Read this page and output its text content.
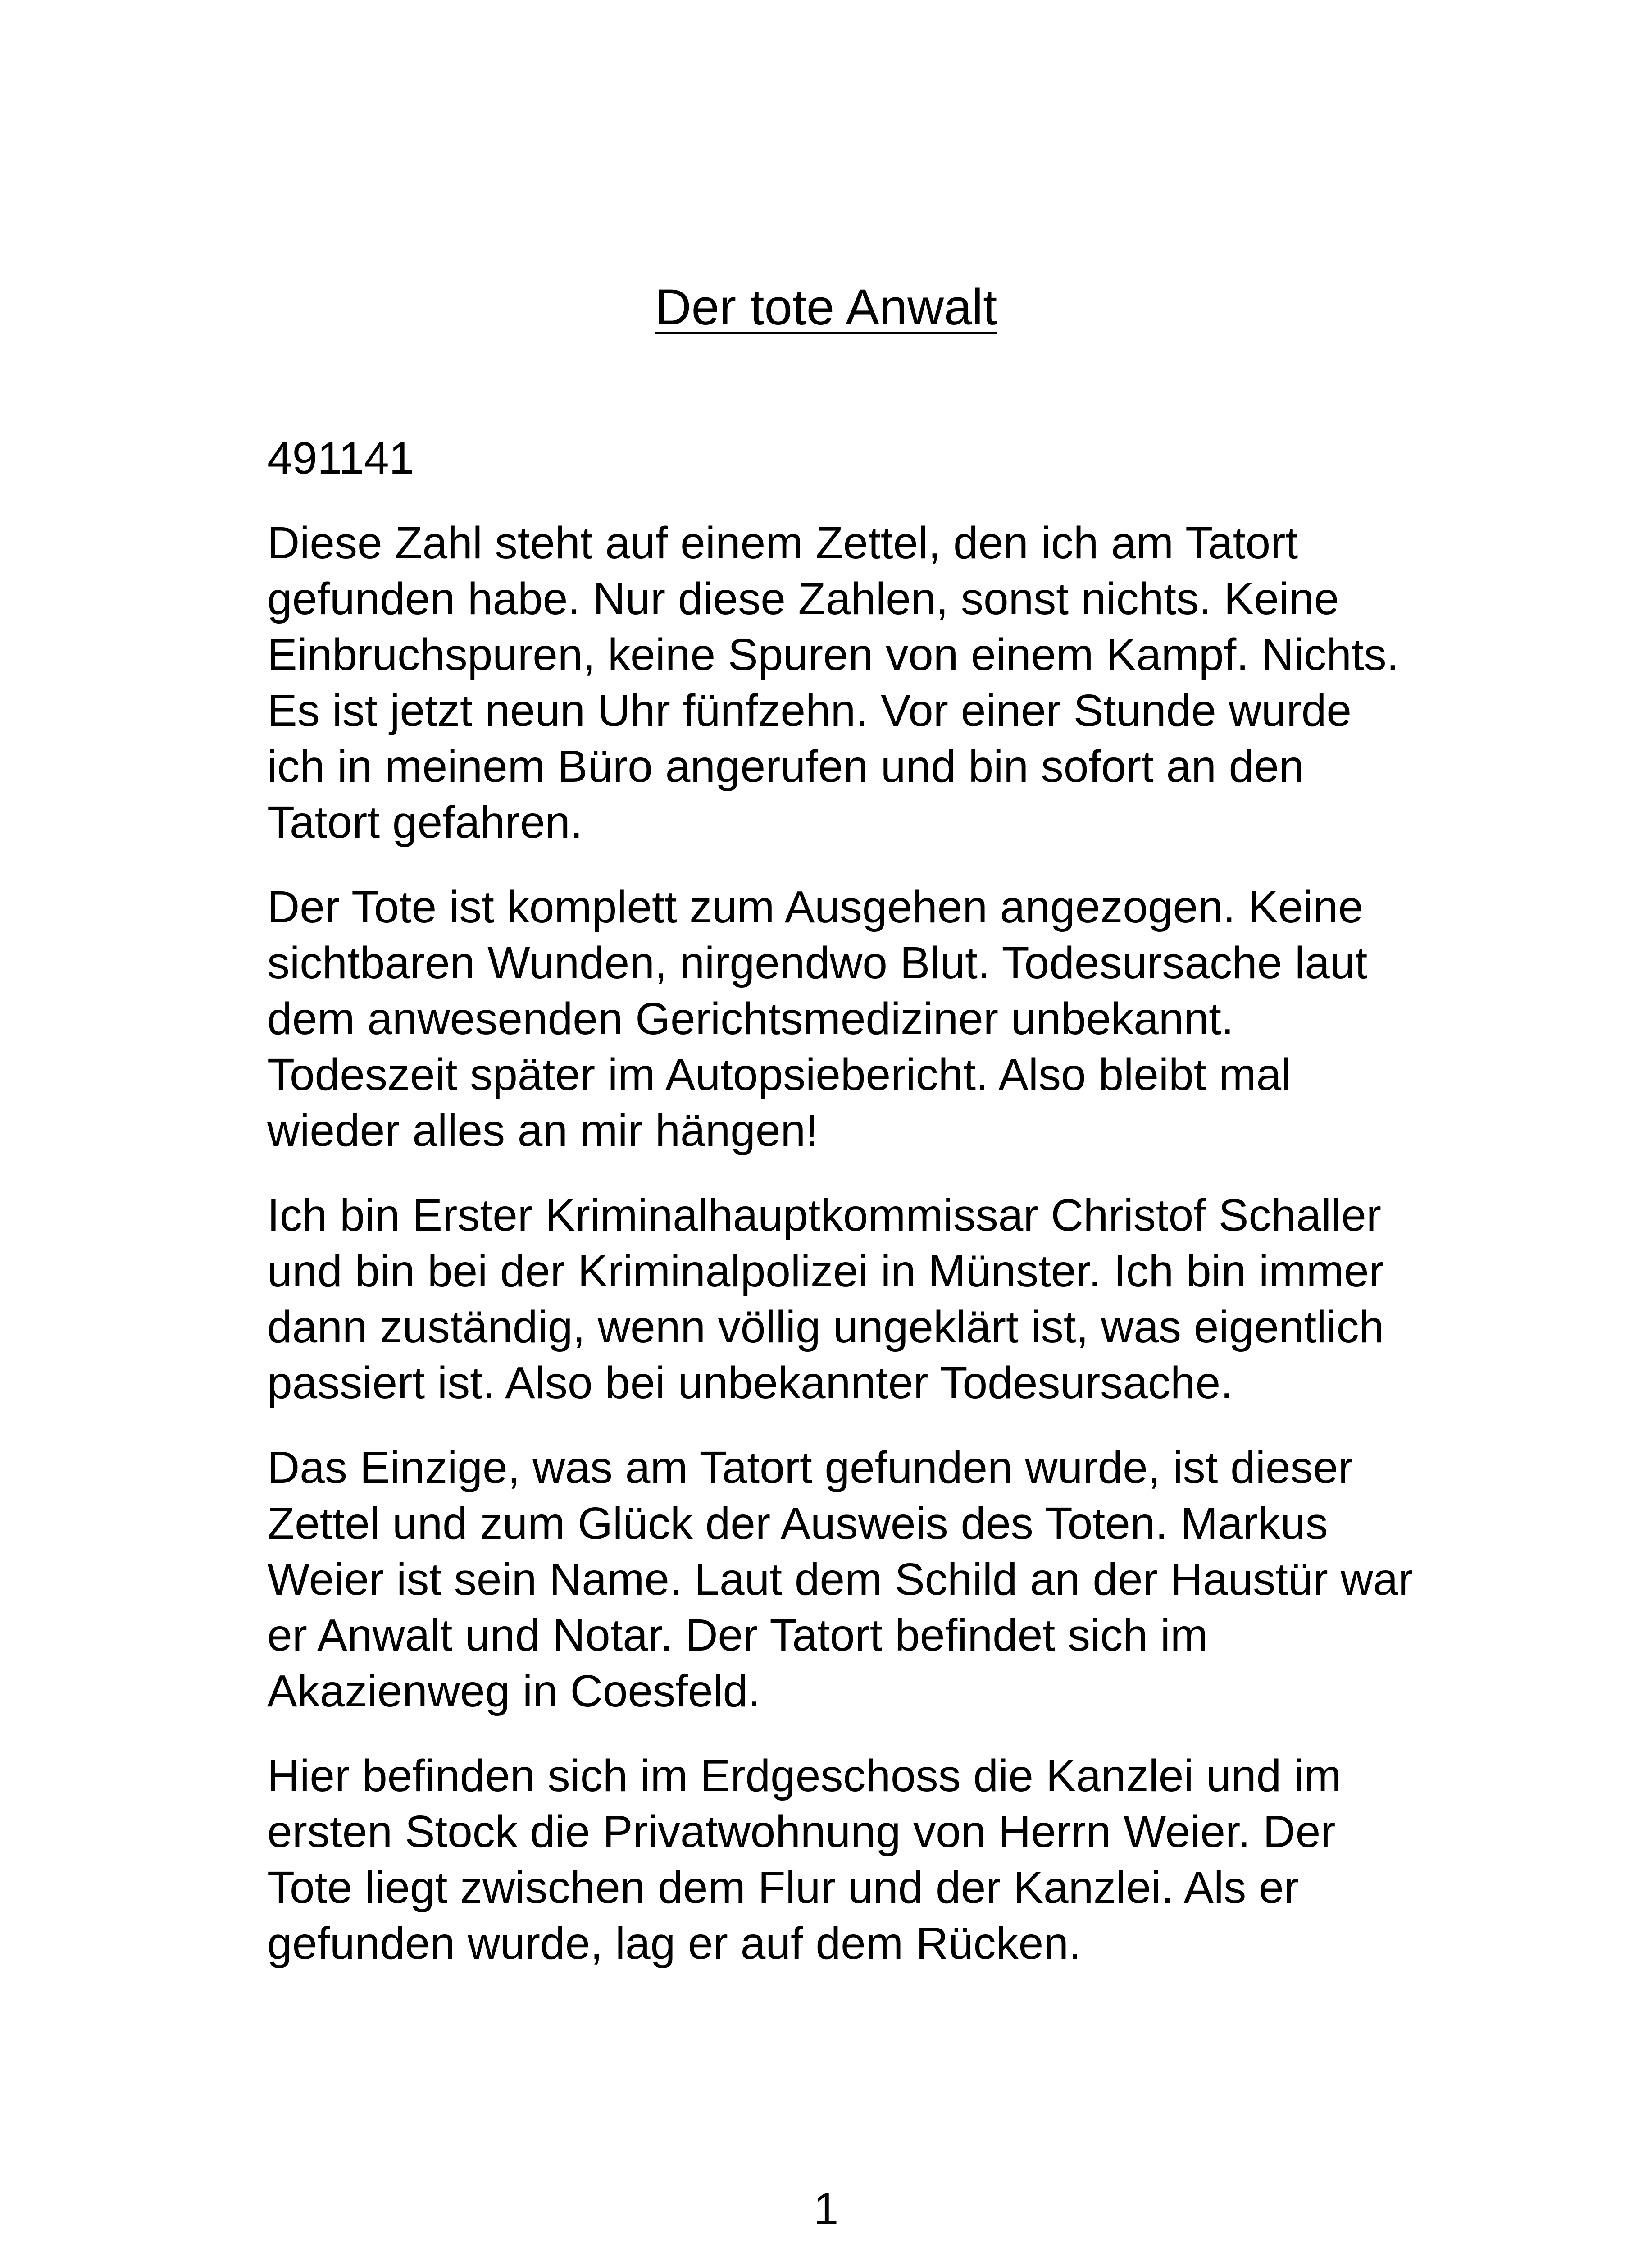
Der tote Anwalt

491141

Diese Zahl steht auf einem Zettel, den ich am Tatort gefunden habe. Nur diese Zahlen, sonst nichts. Keine Einbruchspuren, keine Spuren von einem Kampf. Nichts. Es ist jetzt neun Uhr fünfzehn. Vor einer Stunde wurde ich in meinem Büro angerufen und bin sofort an den Tatort gefahren.

Der Tote ist komplett zum Ausgehen angezogen. Keine sichtbaren Wunden, nirgendwo Blut. Todesursache laut dem anwesenden Gerichtsmediziner unbekannt. Todeszeit später im Autopsiebericht. Also bleibt mal wieder alles an mir hängen!

Ich bin Erster Kriminalhauptkommissar Christof Schaller und bin bei der Kriminalpolizei in Münster. Ich bin immer dann zuständig, wenn völlig ungeklärt ist, was eigentlich passiert ist. Also bei unbekannter Todesursache.

Das Einzige, was am Tatort gefunden wurde, ist dieser Zettel und zum Glück der Ausweis des Toten. Markus Weier ist sein Name. Laut dem Schild an der Haustür war er Anwalt und Notar. Der Tatort befindet sich im Akazienweg in Coesfeld.

Hier befinden sich im Erdgeschoss die Kanzlei und im ersten Stock die Privatwohnung von Herrn Weier. Der Tote liegt zwischen dem Flur und der Kanzlei. Als er gefunden wurde, lag er auf dem Rücken.

1
